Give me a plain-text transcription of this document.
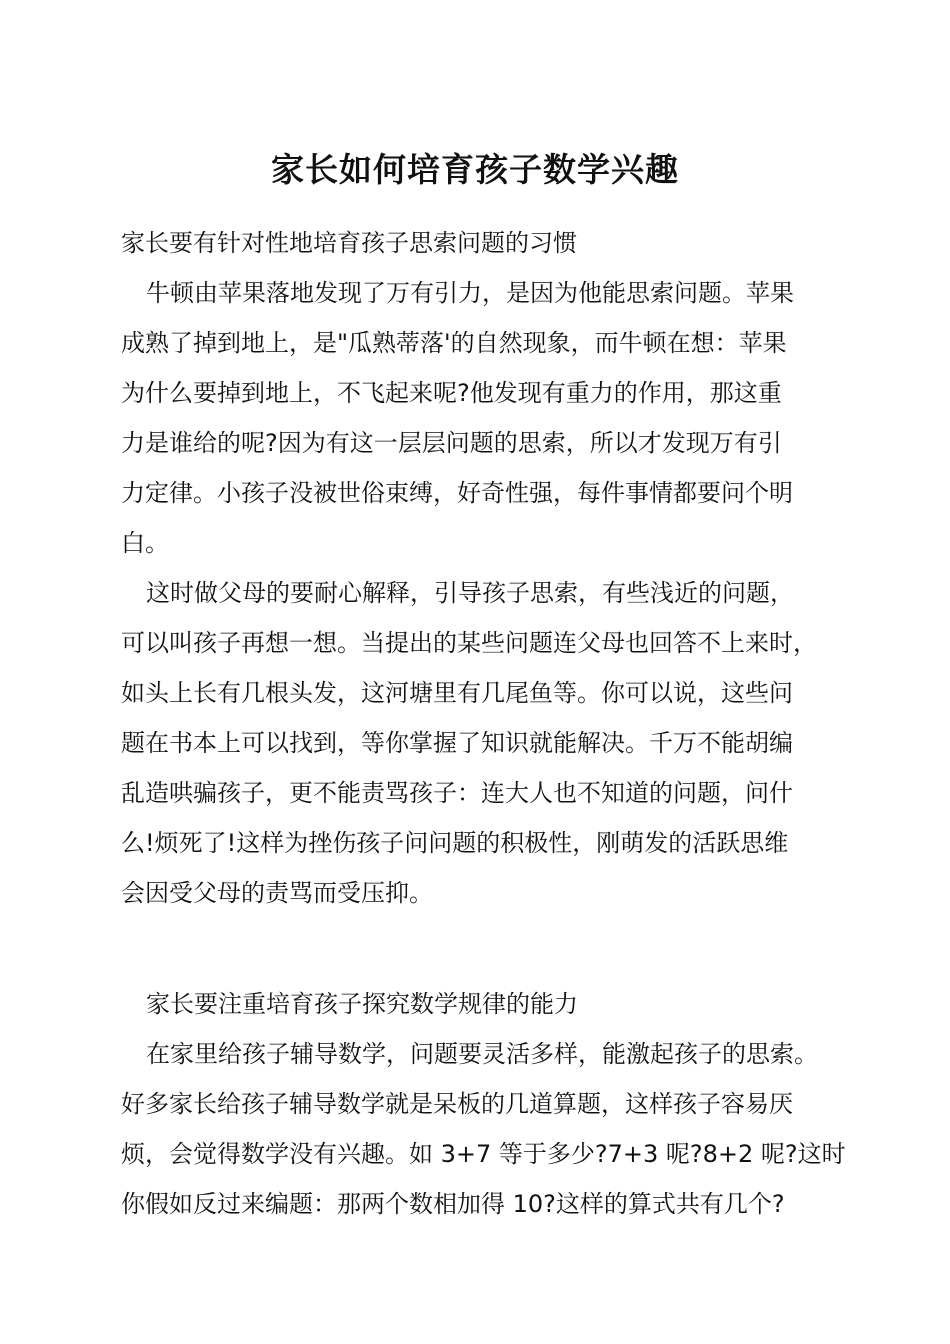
家长如何培育孩子数学兴趣
家长要有针对性地培育孩子思索问题的习惯
牛顿由苹果落地发现了万有引力，是因为他能思索问题。苹果
成熟了掉到地上，是"瓜熟蒂落'的自然现象，而牛顿在想：苹果
为什么要掉到地上，不飞起来呢?他发现有重力的作用，那这重
力是谁给的呢?因为有这一层层问题的思索，所以才发现万有引
力定律。小孩子没被世俗束缚，好奇性强，每件事情都要问个明
白。
这时做父母的要耐心解释，引导孩子思索，有些浅近的问题，
可以叫孩子再想一想。当提出的某些问题连父母也回答不上来时，
如头上长有几根头发，这河塘里有几尾鱼等。你可以说，这些问
题在书本上可以找到，等你掌握了知识就能解决。千万不能胡编
乱造哄骗孩子，更不能责骂孩子：连大人也不知道的问题，问什
么!烦死了!这样为挫伤孩子问问题的积极性，刚萌发的活跃思维
会因受父母的责骂而受压抑。
家长要注重培育孩子探究数学规律的能力
在家里给孩子辅导数学，问题要灵活多样，能激起孩子的思索。
好多家长给孩子辅导数学就是呆板的几道算题，这样孩子容易厌
烦，会觉得数学没有兴趣。如 3+7 等于多少?7+3 呢?8+2 呢?这时
你假如反过来编题：那两个数相加得 10?这样的算式共有几个?
